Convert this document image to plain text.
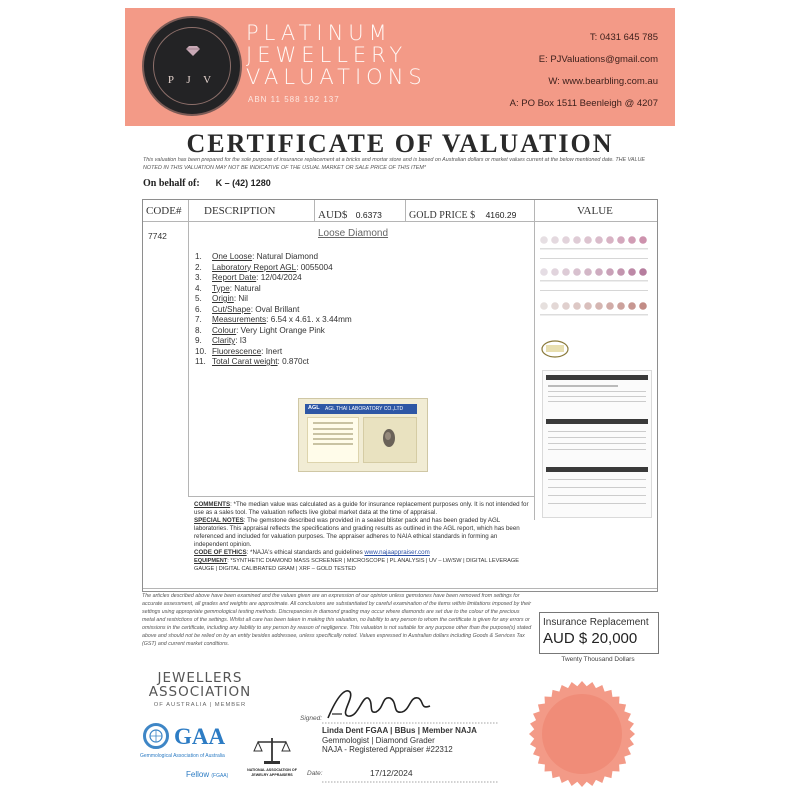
P J V
PLATINUM
JEWELLERY
VALUATIONS
ABN 11 588 192 137
T: 0431 645 785
E: PJValuations@gmail.com
W: www.bearbling.com.au
A: PO Box 1511 Beenleigh @ 4207
CERTIFICATE OF VALUATION
This valuation has been prepared for the sole purpose of insurance replacement at a bricks and mortar store and is based on Australian dollars or market values current at the below mentioned date. THE VALUE NOTED IN THIS VALUATION MAY NOT BE INDICATIVE OF THE USUAL MARKET OR SALE PRICE OF THIS ITEM*
On behalf of: K – (42) 1280
CODE# DESCRIPTION	AUD$ 0.6373	GOLD PRICE $ 4160.29	VALUE
7742	Loose Diamond
1. One Loose: Natural Diamond
2. Laboratory Report AGL: 0055004
3. Report Date: 12/04/2024
4. Type: Natural
5. Origin: Nil
6. Cut/Shape: Oval Brillant
7. Measurements: 6.54 x 4.61. x 3.44mm
8. Colour: Very Light Orange Pink
9. Clarity: I3
10. Fluorescence: Inert
11. Total Carat weight: 0.870ct
AGL AGL THAI LABORATORY CO.,LTD
COMMENTS: *The median value was calculated as a guide for insurance replacement purposes only. It is not intended for use as a sales tool. The valuation reflects live global market data at the time of appraisal.
SPECIAL NOTES: The gemstone described was provided in a sealed blister pack and has been graded by AGL laboratories. This appraisal reflects the specifications and grading results as outlined in the AGL report, which has been referenced and included for valuation purposes. The appraiser adheres to NAIA ethical standards in forming an independent opinion.
CODE OF ETHICS: *NAJA's ethical standards and guidelines www.najaappraiser.com
EQUIPMENT: *SYNTHETIC DIAMOND MASS SCREENER | MICROSCOPE | PL ANALYSIS | UV – LW/SW | DIGITAL LEVERAGE GAUGE | DIGITAL CALIBRATED GRAM | XRF – GOLD TESTED
The articles described above have been examined and the values given are an expression of our opinion unless gemstones have been removed from settings for accurate assessment, all grades and weights are approximate. All conclusions are substantiated by careful examination of the items within limitations imposed by their settings using appropriate gemmological testing methods. Discrepancies in diamond grading may occur where diamonds are set due to the colour of the precious metal and restrictions of the settings. Whilst all care has been taken in making this valuation, no liability to any person to whom the certificate is given for any errors or omissions in the certificate, including any liability to any person by reason of negligence. This valuation is not suitable for any purpose other than the purpose(s) stated above and should not be relied on by an entity besides addressee, unless specifically noted. Values expressed in Australian dollars including Goods & Services Tax (GST) and current market conditions.
Insurance Replacement
AUD $ 20,000
Twenty Thousand Dollars
JEWELLERS
ASSOCIATION
OF AUSTRALIA | MEMBER
GAA
Gemmological Association of Australia
Fellow (FGAA)
NATIONAL ASSOCIATION OF JEWELRY APPRAISERS
Signed:
Linda Dent FGAA | BBus | Member NAJA
Gemmologist | Diamond Grader
NAJA - Registered Appraiser #22312
Date:	17/12/2024
